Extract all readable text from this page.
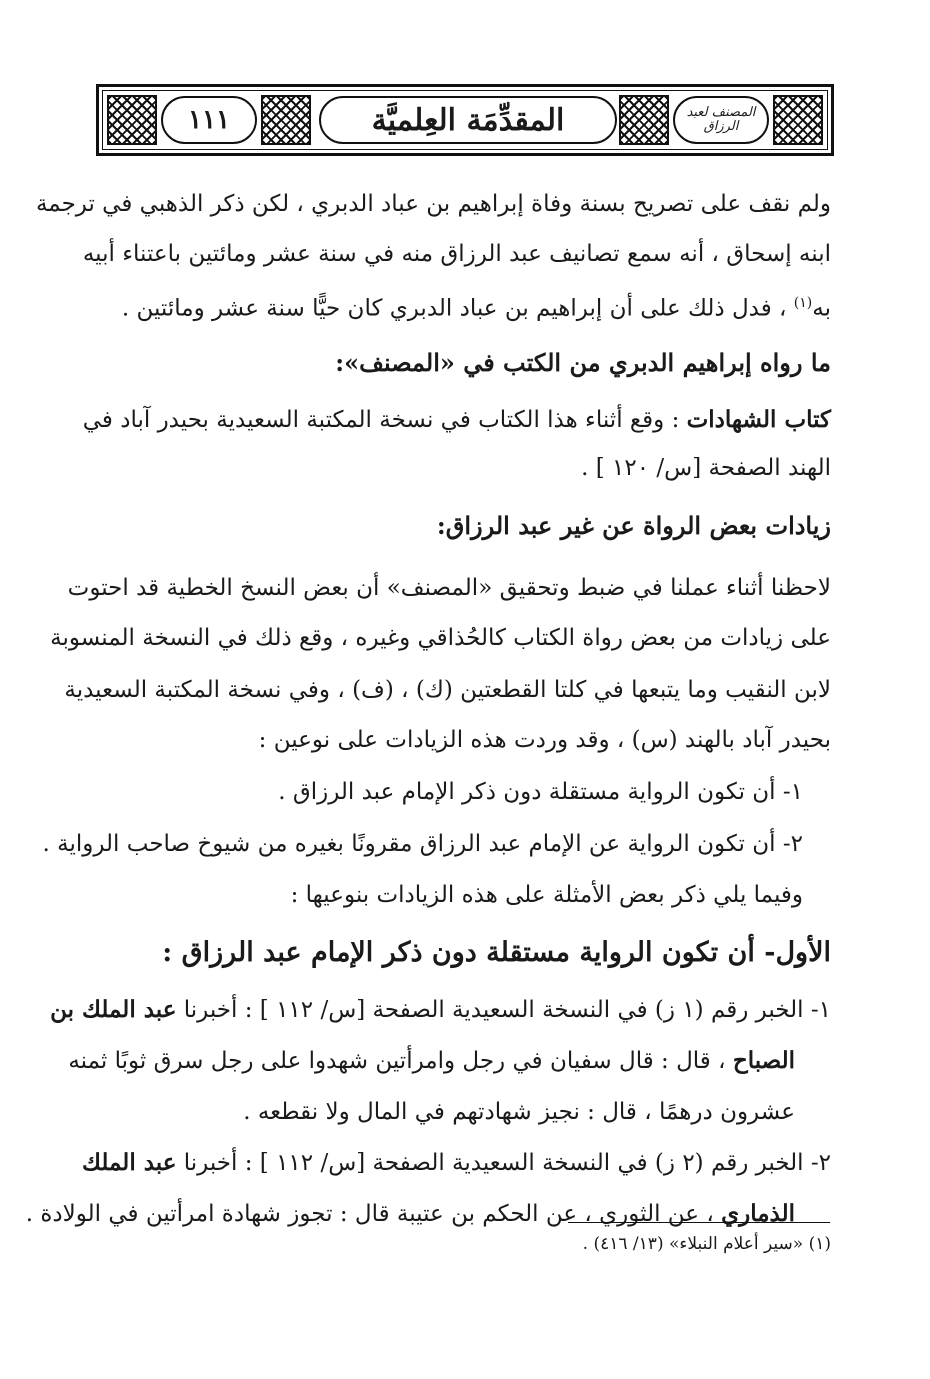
المصنف لعبد الرزاق
المقدِّمَة العِلميَّة
١١١
ولم نقف على تصريح بسنة وفاة إبراهيم بن عباد الدبري ، لكن ذكر الذهبي في ترجمة
ابنه إسحاق ، أنه سمع تصانيف عبد الرزاق منه في سنة عشر ومائتين باعتناء أبيه
به$^{(١)}$ ، فدل ذلك على أن إبراهيم بن عباد الدبري كان حيًّا سنة عشر ومائتين .
ما رواه إبراهيم الدبري من الكتب في «المصنف»:
كتاب الشهادات : وقع أثناء هذا الكتاب في نسخة المكتبة السعيدية بحيدر آباد في
الهند الصفحة [س/ ١٢٠ ] .
زيادات بعض الرواة عن غير عبد الرزاق:
لاحظنا أثناء عملنا في ضبط وتحقيق «المصنف» أن بعض النسخ الخطية قد احتوت
على زيادات من بعض رواة الكتاب كالحُذاقي وغيره ، وقع ذلك في النسخة المنسوبة
لابن النقيب وما يتبعها في كلتا القطعتين (ك) ، (ف) ، وفي نسخة المكتبة السعيدية
بحيدر آباد بالهند (س) ، وقد وردت هذه الزيادات على نوعين :
١- أن تكون الرواية مستقلة دون ذكر الإمام عبد الرزاق .
٢- أن تكون الرواية عن الإمام عبد الرزاق مقرونًا بغيره من شيوخ صاحب الرواية .
وفيما يلي ذكر بعض الأمثلة على هذه الزيادات بنوعيها :
الأول- أن تكون الرواية مستقلة دون ذكر الإمام عبد الرزاق :
١- الخبر رقم (١ ز) في النسخة السعيدية الصفحة [س/ ١١٢ ] : أخبرنا عبد الملك بن
الصباح ، قال : قال سفيان في رجل وامرأتين شهدوا على رجل سرق ثوبًا ثمنه
عشرون درهمًا ، قال : نجيز شهادتهم في المال ولا نقطعه .
٢- الخبر رقم (٢ ز) في النسخة السعيدية الصفحة [س/ ١١٢ ] : أخبرنا عبد الملك
الذماري ، عن الثوري ، عن الحكم بن عتيبة قال : تجوز شهادة امرأتين في الولادة .
(١) «سير أعلام النبلاء» (١٣/ ٤١٦) .
